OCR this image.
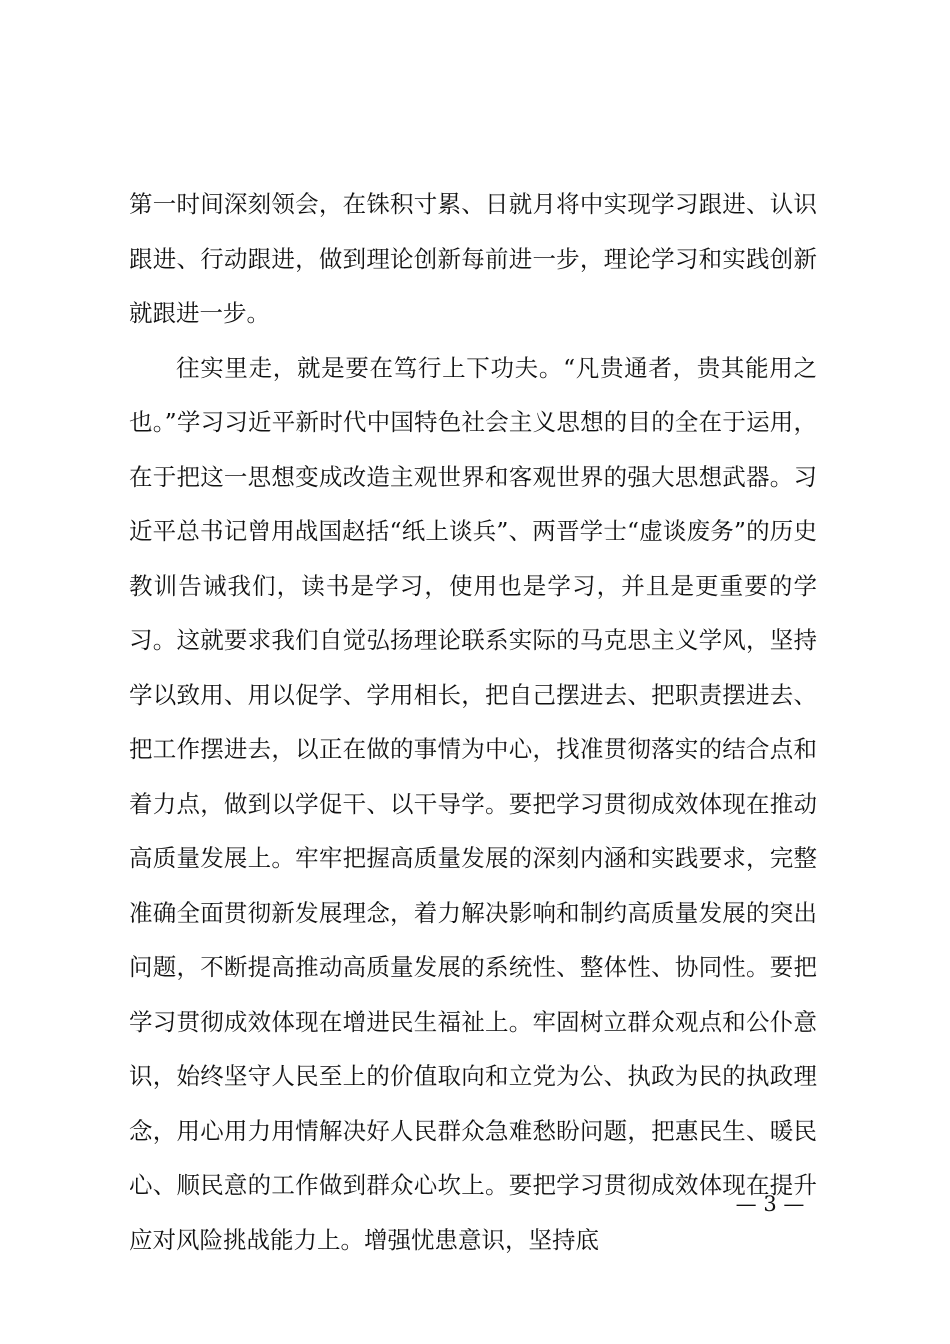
第一时间深刻领会，在铢积寸累、日就月将中实现学习跟进、认识跟进、行动跟进，做到理论创新每前进一步，理论学习和实践创新就跟进一步。

往实里走，就是要在笃行上下功夫。“凡贵通者，贵其能用之也。”学习习近平新时代中国特色社会主义思想的目的全在于运用，在于把这一思想变成改造主观世界和客观世界的强大思想武器。习近平总书记曾用战国赵括“纸上谈兵”、两晋学士“虚谈废务”的历史教训告诫我们，读书是学习，使用也是学习，并且是更重要的学习。这就要求我们自觉弘扬理论联系实际的马克思主义学风，坚持学以致用、用以促学、学用相长，把自己摆进去、把职责摆进去、把工作摆进去，以正在做的事情为中心，找准贯彻落实的结合点和着力点，做到以学促干、以干导学。要把学习贯彻成效体现在推动高质量发展上。牢牢把握高质量发展的深刻内涵和实践要求，完整准确全面贯彻新发展理念，着力解决影响和制约高质量发展的突出问题，不断提高推动高质量发展的系统性、整体性、协同性。要把学习贯彻成效体现在增进民生福祉上。牢固树立群众观点和公仆意识，始终坚守人民至上的价值取向和立党为公、执政为民的执政理念，用心用力用情解决好人民群众急难愁盼问题，把惠民生、暖民心、顺民意的工作做到群众心坎上。要把学习贯彻成效体现在提升应对风险挑战能力上。增强忧患意识，坚持底

— 3 —
